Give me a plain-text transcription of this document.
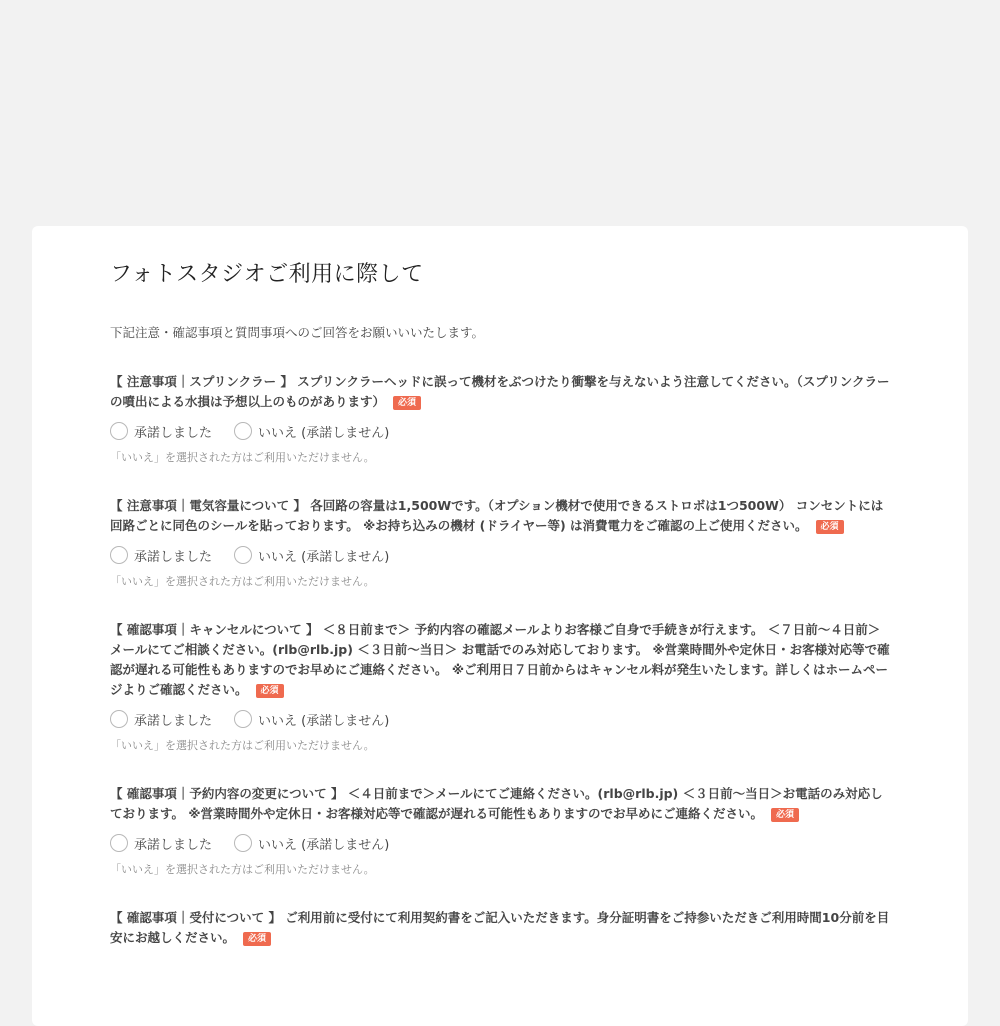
フォトスタジオご利用に際して

下記注意・確認事項と質問事項へのご回答をお願いいいたします。

【 注意事項｜スプリンクラー 】 スプリンクラーヘッドに誤って機材をぶつけたり衝撃を与えないよう注意してください。（スプリンクラーの噴出による水損は予想以上のものがあります） 必須

承諾しました	いいえ (承諾しません)
「いいえ」を選択された方はご利用いただけません。

【 注意事項｜電気容量について 】 各回路の容量は1,500Wです。（オプション機材で使用できるストロボは1つ500W） コンセントには回路ごとに同色のシールを貼っております。 ※お持ち込みの機材 (ドライヤー等) は消費電力をご確認の上ご使用ください。 必須

承諾しました	いいえ (承諾しません)
「いいえ」を選択された方はご利用いただけません。

【 確認事項｜キャンセルについて 】 ＜８日前まで＞ 予約内容の確認メールよりお客様ご自身で手続きが行えます。 ＜７日前〜４日前＞ メールにてご相談ください。(rlb@rlb.jp) ＜３日前〜当日＞ お電話でのみ対応しております。 ※営業時間外や定休日・お客様対応等で確認が遅れる可能性もありますのでお早めにご連絡ください。 ※ご利用日７日前からはキャンセル料が発生いたします。詳しくはホームページよりご確認ください。 必須

承諾しました	いいえ (承諾しません)
「いいえ」を選択された方はご利用いただけません。

【 確認事項｜予約内容の変更について 】 ＜４日前まで＞メールにてご連絡ください。(rlb@rlb.jp) ＜３日前〜当日＞お電話のみ対応しております。 ※営業時間外や定休日・お客様対応等で確認が遅れる可能性もありますのでお早めにご連絡ください。 必須

承諾しました	いいえ (承諾しません)
「いいえ」を選択された方はご利用いただけません。

【 確認事項｜受付について 】 ご利用前に受付にて利用契約書をご記入いただきます。身分証明書をご持参いただきご利用時間10分前を目安にお越しください。 必須
